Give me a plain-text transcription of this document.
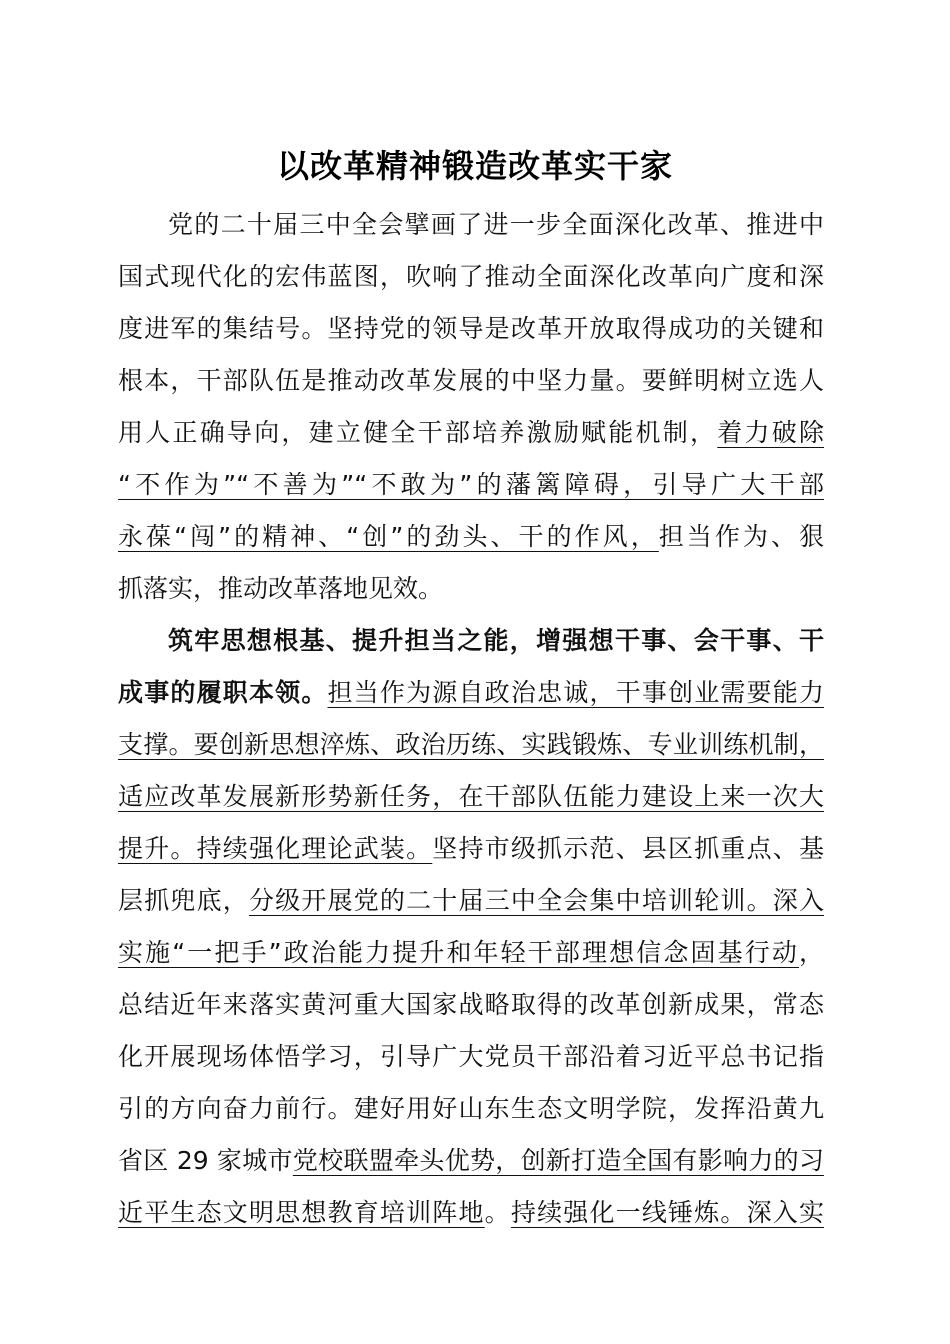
以改革精神锻造改革实干家
党的二十届三中全会擘画了进一步全面深化改革、推进中
国式现代化的宏伟蓝图，吹响了推动全面深化改革向广度和深
度进军的集结号。坚持党的领导是改革开放取得成功的关键和
根本，干部队伍是推动改革发展的中坚力量。要鲜明树立选人
用人正确导向，建立健全干部培养激励赋能机制，着力破除
“不作为”“不善为”“不敢为”的藩篱障碍，引导广大干部
永葆“闯”的精神、“创”的劲头、干的作风，担当作为、狠
抓落实，推动改革落地见效。
筑牢思想根基、提升担当之能，增强想干事、会干事、干
成事的履职本领。担当作为源自政治忠诚，干事创业需要能力
支撑。要创新思想淬炼、政治历练、实践锻炼、专业训练机制，
适应改革发展新形势新任务，在干部队伍能力建设上来一次大
提升。持续强化理论武装。坚持市级抓示范、县区抓重点、基
层抓兜底，分级开展党的二十届三中全会集中培训轮训。深入
实施“一把手”政治能力提升和年轻干部理想信念固基行动，
总结近年来落实黄河重大国家战略取得的改革创新成果，常态
化开展现场体悟学习，引导广大党员干部沿着习近平总书记指
引的方向奋力前行。建好用好山东生态文明学院，发挥沿黄九
省区 29 家城市党校联盟牵头优势，创新打造全国有影响力的习
近平生态文明思想教育培训阵地。持续强化一线锤炼。深入实
